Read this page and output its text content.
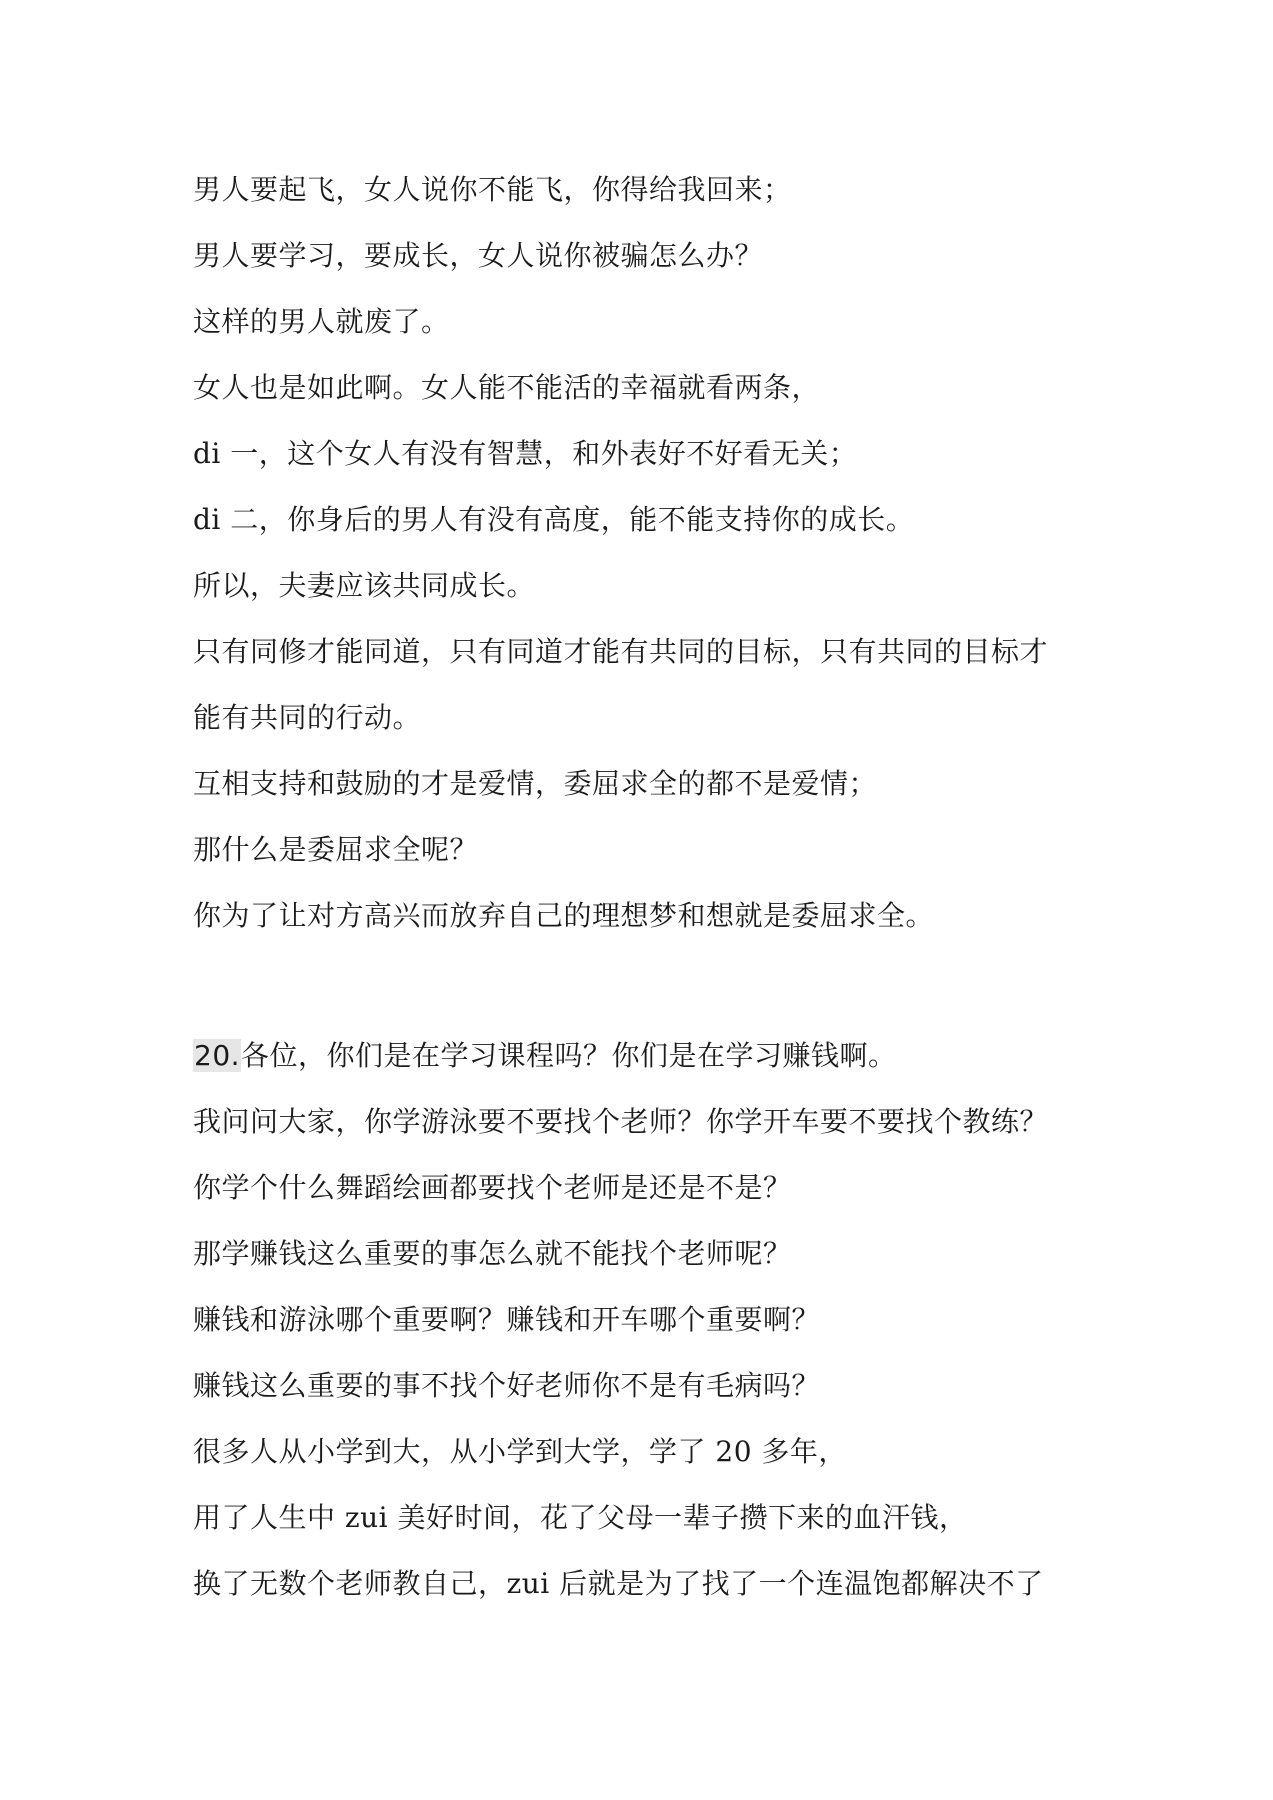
男人要起飞，女人说你不能飞，你得给我回来；
男人要学习，要成长，女人说你被骗怎么办？
这样的男人就废了。
女人也是如此啊。女人能不能活的幸福就看两条，
di 一，这个女人有没有智慧，和外表好不好看无关；
di 二，你身后的男人有没有高度，能不能支持你的成长。
所以，夫妻应该共同成长。
只有同修才能同道，只有同道才能有共同的目标，只有共同的目标才
能有共同的行动。
互相支持和鼓励的才是爱情，委屈求全的都不是爱情；
那什么是委屈求全呢？
你为了让对方高兴而放弃自己的理想梦和想就是委屈求全。
20.各位，你们是在学习课程吗？你们是在学习赚钱啊。
我问问大家，你学游泳要不要找个老师？你学开车要不要找个教练？
你学个什么舞蹈绘画都要找个老师是还是不是？
那学赚钱这么重要的事怎么就不能找个老师呢？
赚钱和游泳哪个重要啊？赚钱和开车哪个重要啊？
赚钱这么重要的事不找个好老师你不是有毛病吗？
很多人从小学到大，从小学到大学，学了 20 多年，
用了人生中 zui 美好时间，花了父母一辈子攒下来的血汗钱，
换了无数个老师教自己，zui 后就是为了找了一个连温饱都解决不了
